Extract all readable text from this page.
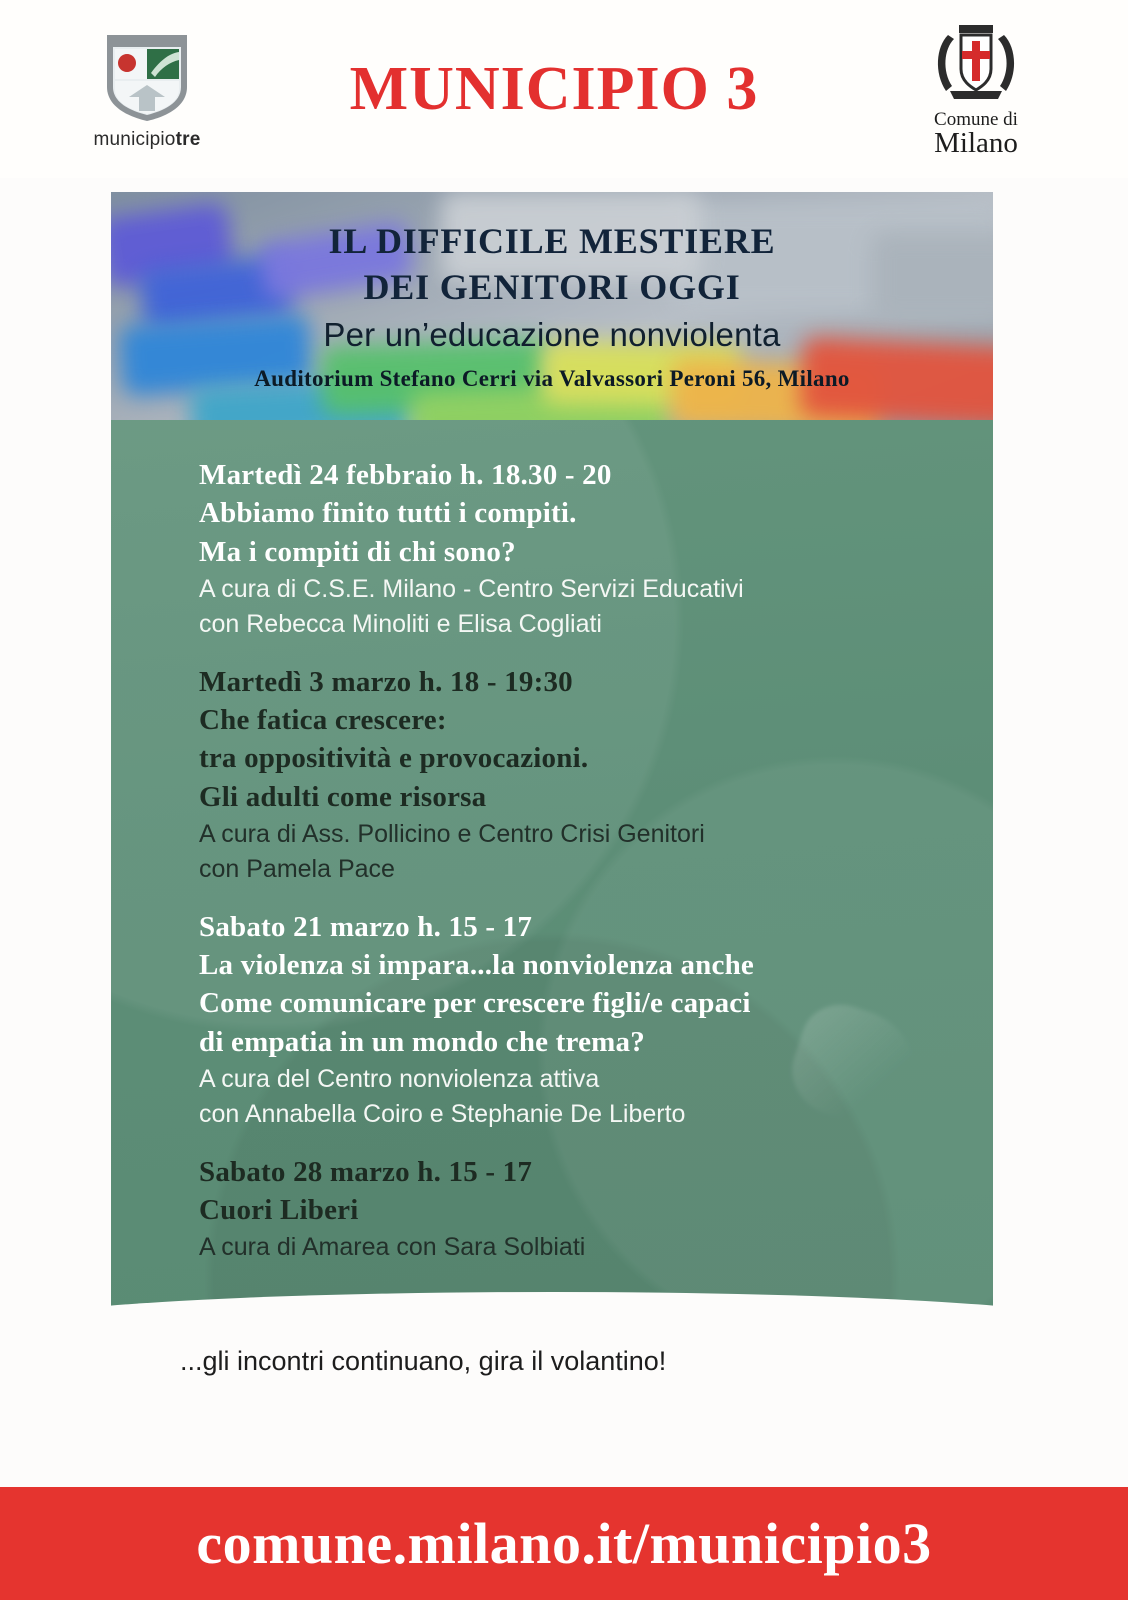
municipiotre
MUNICIPIO 3	Comune di
Milano
IL DIFFICILE MESTIERE
DEI GENITORI OGGI
Per un’educazione nonviolenta
Auditorium Stefano Cerri via Valvassori Peroni 56, Milano
Martedì 24 febbraio h. 18.30 - 20
Abbiamo finito tutti i compiti.
Ma i compiti di chi sono?
A cura di C.S.E. Milano - Centro Servizi Educativi
con Rebecca Minoliti e Elisa Cogliati
Martedì 3 marzo h. 18 - 19:30
Che fatica crescere:
tra oppositività e provocazioni.
Gli adulti come risorsa
A cura di Ass. Pollicino e Centro Crisi Genitori
con Pamela Pace
Sabato 21 marzo h. 15 - 17
La violenza si impara...la nonviolenza anche
Come comunicare per crescere figli/e capaci
di empatia in un mondo che trema?
A cura del Centro nonviolenza attiva
con Annabella Coiro e Stephanie De Liberto
Sabato 28 marzo h. 15 - 17
Cuori Liberi
A cura di Amarea con Sara Solbiati
...gli incontri continuano, gira il volantino!
comune.milano.it/municipio3
